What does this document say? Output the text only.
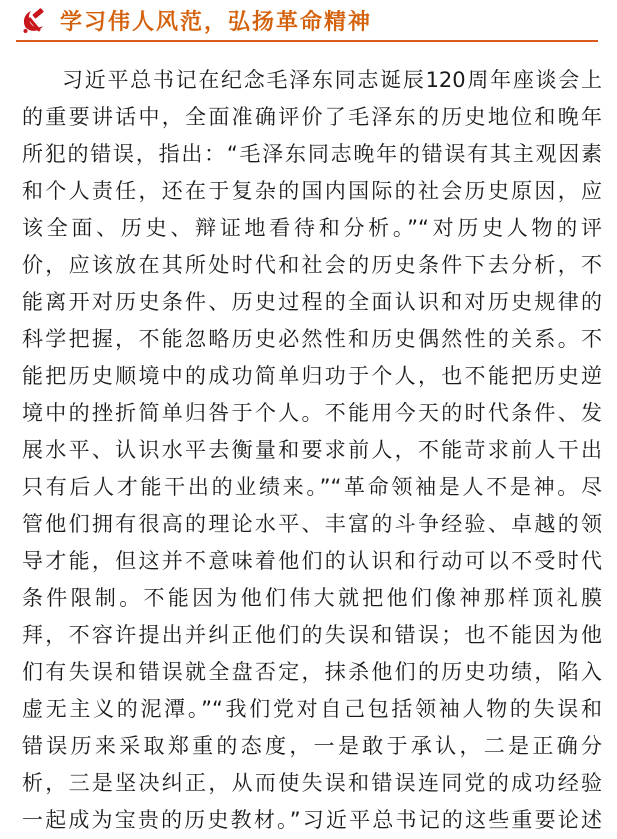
学习伟人风范，弘扬革命精神
习近平总书记在纪念毛泽东同志诞辰120周年座谈会上
的重要讲话中，全面准确评价了毛泽东的历史地位和晚年
所犯的错误，指出：“毛泽东同志晚年的错误有其主观因素
和个人责任，还在于复杂的国内国际的社会历史原因，应
该全面、历史、辩证地看待和分析。”“对历史人物的评
价，应该放在其所处时代和社会的历史条件下去分析，不
能离开对历史条件、历史过程的全面认识和对历史规律的
科学把握，不能忽略历史必然性和历史偶然性的关系。不
能把历史顺境中的成功简单归功于个人，也不能把历史逆
境中的挫折简单归咎于个人。不能用今天的时代条件、发
展水平、认识水平去衡量和要求前人，不能苛求前人干出
只有后人才能干出的业绩来。”“革命领袖是人不是神。尽
管他们拥有很高的理论水平、丰富的斗争经验、卓越的领
导才能，但这并不意味着他们的认识和行动可以不受时代
条件限制。不能因为他们伟大就把他们像神那样顶礼膜
拜，不容许提出并纠正他们的失误和错误；也不能因为他
们有失误和错误就全盘否定，抹杀他们的历史功绩，陷入
虚无主义的泥潭。”“我们党对自己包括领袖人物的失误和
错误历来采取郑重的态度，一是敢于承认，二是正确分
析，三是坚决纠正，从而使失误和错误连同党的成功经验
一起成为宝贵的历史教材。”习近平总书记的这些重要论述
